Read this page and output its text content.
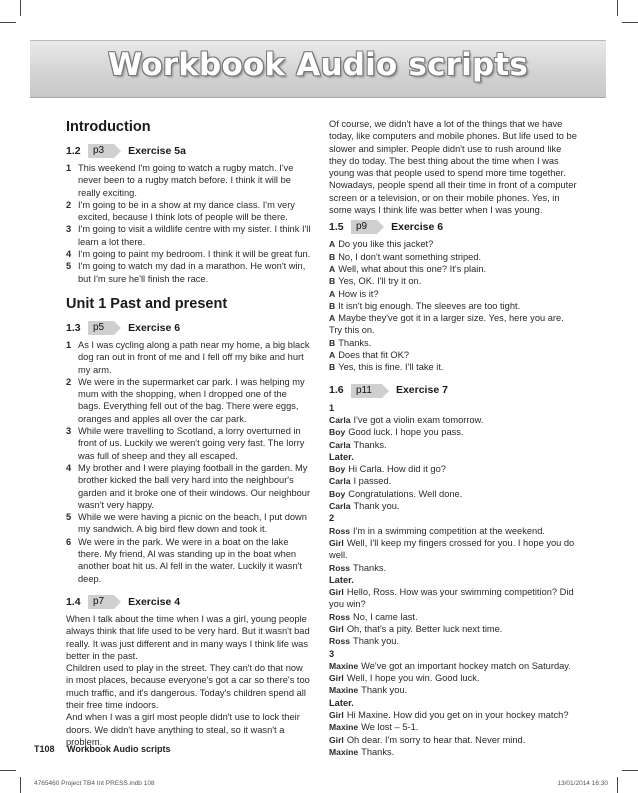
Workbook Audio scripts
Introduction
1.2	p3	Exercise 5a
1 This weekend I'm going to watch a rugby match. I've never been to a rugby match before. I think it will be really exciting.
2 I'm going to be in a show at my dance class. I'm very excited, because I think lots of people will be there.
3 I'm going to visit a wildlife centre with my sister. I think I'll learn a lot there.
4 I'm going to paint my bedroom. I think it will be great fun.
5 I'm going to watch my dad in a marathon. He won't win, but I'm sure he'll finish the race.
Unit 1 Past and present
1.3	p5	Exercise 6
1 As I was cycling along a path near my home, a big black dog ran out in front of me and I fell off my bike and hurt my arm.
2 We were in the supermarket car park. I was helping my mum with the shopping, when I dropped one of the bags. Everything fell out of the bag. There were eggs, oranges and apples all over the car park.
3 While were travelling to Scotland, a lorry overturned in front of us. Luckily we weren't going very fast. The lorry was full of sheep and they all escaped.
4 My brother and I were playing football in the garden. My brother kicked the ball very hard into the neighbour's garden and it broke one of their windows. Our neighbour wasn't very happy.
5 While we were having a picnic on the beach, I put down my sandwich. A big bird flew down and took it.
6 We were in the park. We were in a boat on the lake there. My friend, Al was standing up in the boat when another boat hit us. Al fell in the water. Luckily it wasn't deep.
1.4	p7	Exercise 4

When I talk about the time when I was a girl, young people always think that life used to be very hard. But it wasn't bad really. It was just different and in many ways I think life was better in the past.

Children used to play in the street. They can't do that now in most places, because everyone's got a car so there's too much traffic, and it's dangerous. Today's children spend all their free time indoors.

And when I was a girl most people didn't use to lock their doors. We didn't have anything to steal, so it wasn't a problem.

Of course, we didn't have a lot of the things that we have today, like computers and mobile phones. But life used to be slower and simpler. People didn't use to rush around like they do today. The best thing about the time when I was young was that people used to spend more time together. Nowadays, people spend all their time in front of a computer screen or a television, or on their mobile phones. Yes, in some ways I think life was better when I was young.

1.5	p9	Exercise 6
A Do you like this jacket?
B No, I don't want something striped.
A Well, what about this one? It's plain.
B Yes, OK. I'll try it on.
A How is it?
B It isn't big enough. The sleeves are too tight.
A Maybe they've got it in a larger size. Yes, here you are. Try this on.
B Thanks.
A Does that fit OK?
B Yes, this is fine. I'll take it.
1.6	p11	Exercise 7
1
Carla I've got a violin exam tomorrow.
Boy Good luck. I hope you pass.
Carla Thanks.
Later.
Boy Hi Carla. How did it go?
Carla I passed.
Boy Congratulations. Well done.
Carla Thank you.
2
Ross I'm in a swimming competition at the weekend.
Girl Well, I'll keep my fingers crossed for you. I hope you do well.
Ross Thanks.
Later.
Girl Hello, Ross. How was your swimming competition? Did you win?
Ross No, I came last.
Girl Oh, that's a pity. Better luck next time.
Ross Thank you.
3
Maxine We've got an important hockey match on Saturday.
Girl Well, I hope you win. Good luck.
Maxine Thank you.
Later.
Girl Hi Maxine. How did you get on in your hockey match?
Maxine We lost – 5-1.
Girl Oh dear. I'm sorry to hear that. Never mind.
Maxine Thanks.
T108 Workbook Audio scripts
4765460 Project TB4 Int PRESS.indb 108	13/01/2014 16:30
